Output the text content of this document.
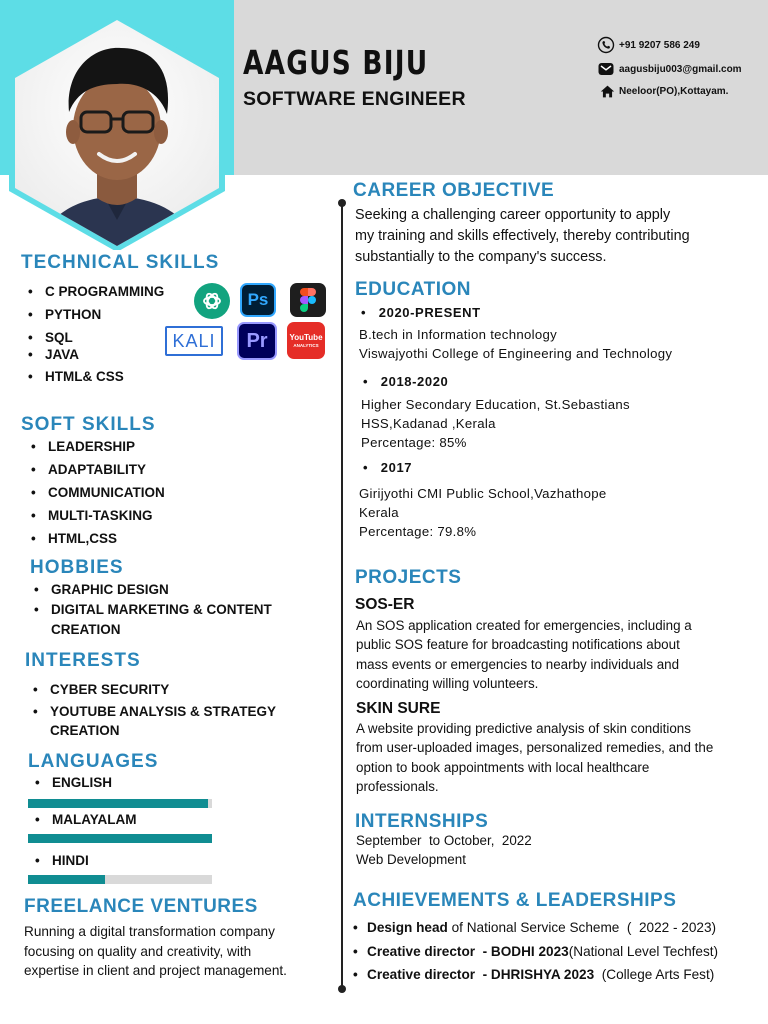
AAGUS BIJU
SOFTWARE ENGINEER
+91 9207 586 249
aagusbiju003@gmail.com
Neeloor(PO),Kottayam.
TECHNICAL SKILLS
• C PROGRAMMING
• PYTHON
• SQL
• JAVA
• HTML& CSS
Ps
KALI Pr	YouTube
ANALYTICS
SOFT SKILLS
• LEADERSHIP
• ADAPTABILITY
• COMMUNICATION
• MULTI-TASKING
• HTML,CSS
HOBBIES
• GRAPHIC DESIGN
• DIGITAL MARKETING & CONTENT
CREATION
INTERESTS
• CYBER SECURITY
• YOUTUBE ANALYSIS & STRATEGY
CREATION
LANGUAGES
• ENGLISH
• MALAYALAM
• HINDI
FREELANCE VENTURES
Running a digital transformation company
focusing on quality and creativity, with
expertise in client and project management.
CAREER OBJECTIVE
Seeking a challenging career opportunity to apply
my training and skills effectively, thereby contributing
substantially to the company's success.
EDUCATION
•   2020-PRESENT
B.tech in Information technology
Viswajyothi College of Engineering and Technology
•   2018-2020
Higher Secondary Education, St.Sebastians
HSS,Kadanad ,Kerala
Percentage: 85%
•   2017
Girijyothi CMI Public School,Vazhathope
Kerala
Percentage: 79.8%
PROJECTS
SOS-ER
An SOS application created for emergencies, including a
public SOS feature for broadcasting notifications about
mass events or emergencies to nearby individuals and
coordinating willing volunteers.
SKIN SURE
A website providing predictive analysis of skin conditions
from user-uploaded images, personalized remedies, and the
option to book appointments with local healthcare
professionals.
INTERNSHIPS
September  to October,  2022
Web Development
ACHIEVEMENTS & LEADERSHIPS
• Design head of National Service Scheme  (  2022 - 2023)
• Creative director  - BODHI 2023(National Level Techfest)
• Creative director  - DHRISHYA 2023  (College Arts Fest)
